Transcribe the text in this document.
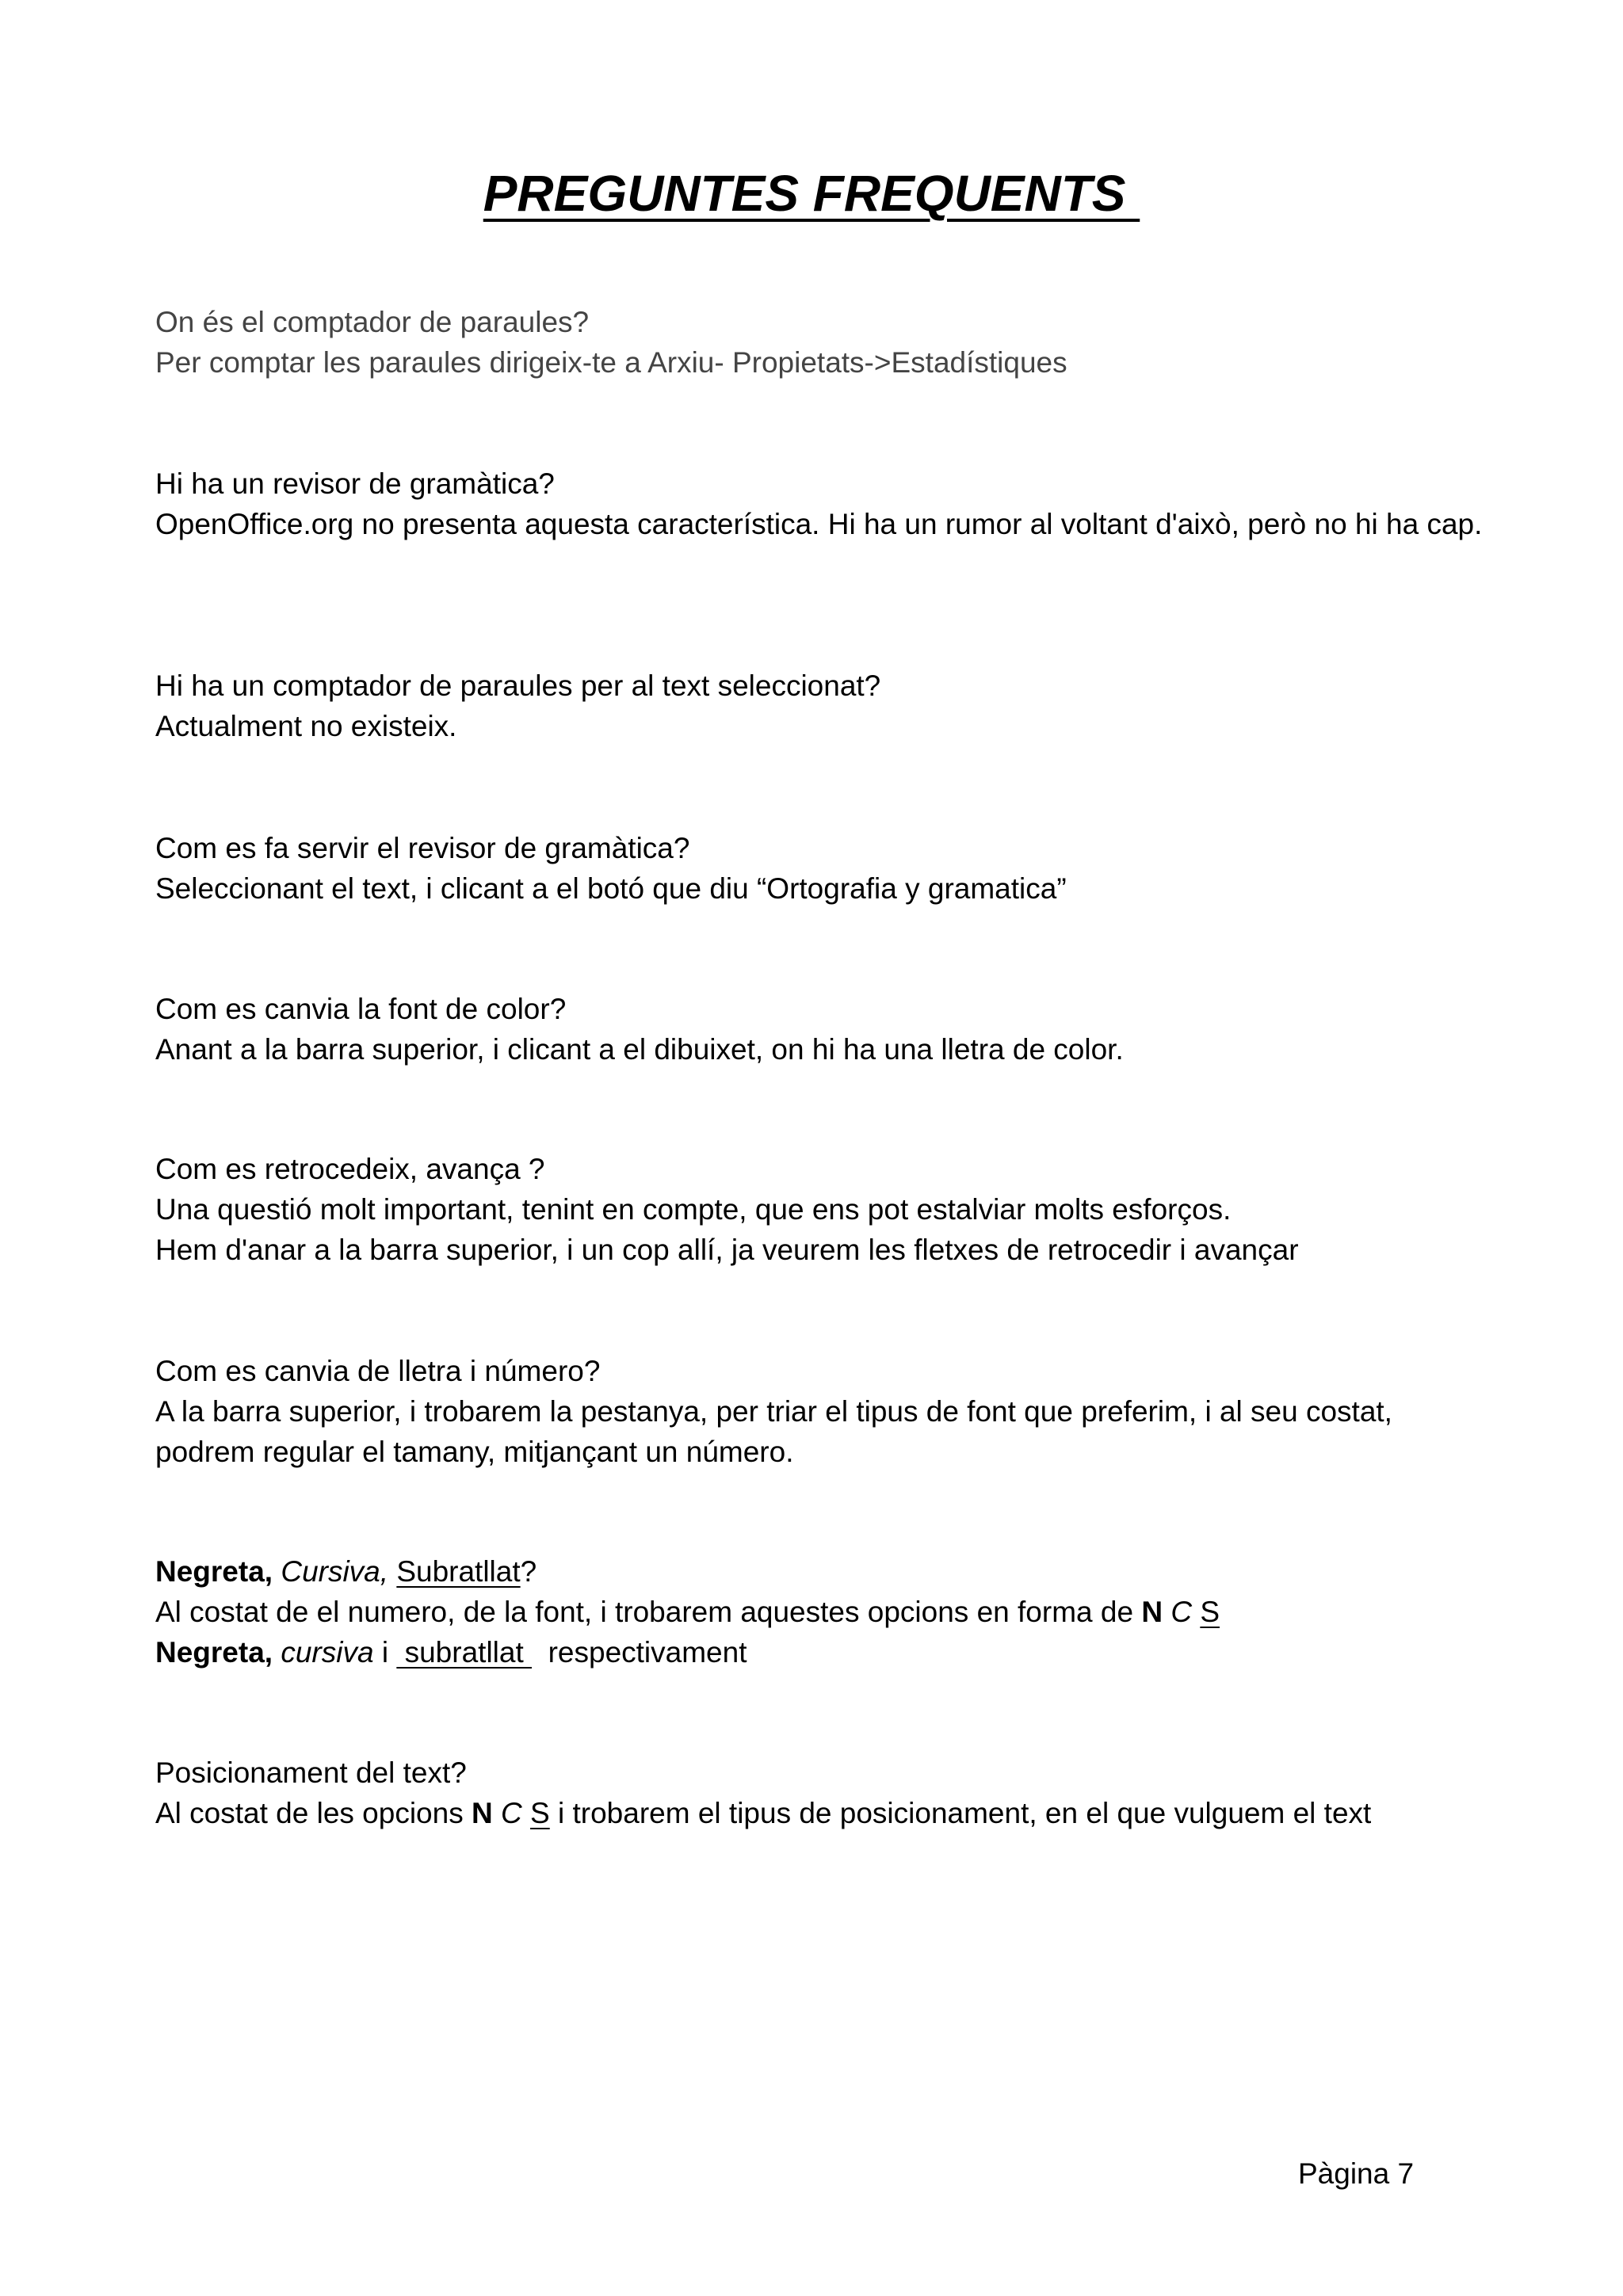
PREGUNTES FREQUENTS

On és el comptador de paraules?

Per comptar les paraules dirigeix-te a Arxiu- Propietats->Estadístiques

Hi ha un revisor de gramàtica?

OpenOffice.org no presenta aquesta característica. Hi ha un rumor al voltant d'això, però no hi ha cap.

Hi ha un comptador de paraules per al text seleccionat?

Actualment no existeix.

Com es fa servir el revisor de gramàtica?

Seleccionant el text, i clicant a el botó que diu “Ortografia y gramatica”

Com es canvia la font de color?

Anant a la barra superior, i clicant a el dibuixet, on hi ha una lletra de color.

Com es retrocedeix, avança ?

Una questió molt important, tenint en compte, que ens pot estalviar molts esforços.

Hem d'anar a la barra superior, i un cop allí, ja veurem les fletxes de retrocedir i avançar

Com es canvia de lletra i número?

A la barra superior, i trobarem la pestanya, per triar el tipus de font que preferim, i al seu costat, podrem regular el tamany, mitjançant un número.

Negreta, Cursiva, Subratllat?

Al costat de el numero, de la font, i trobarem aquestes opcions en forma de N C S

Negreta, cursiva i  subratllat   respectivament

Posicionament del text?

Al costat de les opcions N C S i trobarem el tipus de posicionament, en el que vulguem el text

Pàgina 7
